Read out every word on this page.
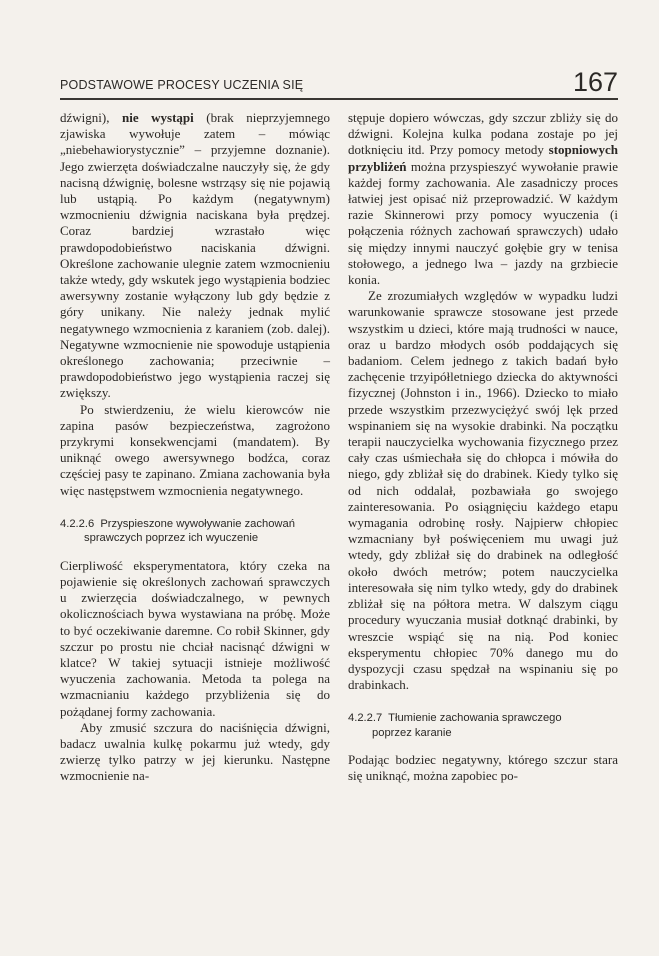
PODSTAWOWE PROCESY UCZENIA SIĘ	167

dźwigni), nie wystąpi (brak nieprzyjemnego zjawiska wywołuje zatem – mówiąc „niebehawiorystycznie” – przyjemne doznanie). Jego zwierzęta doświadczalne nauczyły się, że gdy nacisną dźwignię, bolesne wstrząsy się nie pojawią lub ustąpią. Po każdym (negatywnym) wzmocnieniu dźwignia naciskana była prędzej. Coraz bardziej wzrastało więc prawdopodobieństwo naciskania dźwigni. Określone zachowanie ulegnie zatem wzmocnieniu także wtedy, gdy wskutek jego wystąpienia bodziec awersywny zostanie wyłączony lub gdy będzie z góry unikany. Nie należy jednak mylić negatywnego wzmocnienia z karaniem (zob. dalej). Negatywne wzmocnienie nie spowoduje ustąpienia określonego zachowania; przeciwnie – prawdopodobieństwo jego wystąpienia raczej się zwiększy.

Po stwierdzeniu, że wielu kierowców nie zapina pasów bezpieczeństwa, zagrożono przykrymi konsekwencjami (mandatem). By uniknąć owego awersywnego bodźca, coraz częściej pasy te zapinano. Zmiana zachowania była więc następstwem wzmocnienia negatywnego.

4.2.2.6 Przyspieszone wywoływanie zachowań
sprawczych poprzez ich wyuczenie

Cierpliwość eksperymentatora, który czeka na pojawienie się określonych zachowań sprawczych u zwierzęcia doświadczalnego, w pewnych okolicznościach bywa wystawiana na próbę. Może to być oczekiwanie daremne. Co robił Skinner, gdy szczur po prostu nie chciał nacisnąć dźwigni w klatce? W takiej sytuacji istnieje możliwość wyuczenia zachowania. Metoda ta polega na wzmacnianiu każdego przybliżenia się do pożądanej formy zachowania.

Aby zmusić szczura do naciśnięcia dźwigni, badacz uwalnia kulkę pokarmu już wtedy, gdy zwierzę tylko patrzy w jej kierunku. Następne wzmocnienie na-

stępuje dopiero wówczas, gdy szczur zbliży się do dźwigni. Kolejna kulka podana zostaje po jej dotknięciu itd. Przy pomocy metody stopniowych przybliżeń można przyspieszyć wywołanie prawie każdej formy zachowania. Ale zasadniczy proces łatwiej jest opisać niż przeprowadzić. W każdym razie Skinnerowi przy pomocy wyuczenia (i połączenia różnych zachowań sprawczych) udało się między innymi nauczyć gołębie gry w tenisa stołowego, a jednego lwa – jazdy na grzbiecie konia.

Ze zrozumiałych względów w wypadku ludzi warunkowanie sprawcze stosowane jest przede wszystkim u dzieci, które mają trudności w nauce, oraz u bardzo młodych osób poddających się badaniom. Celem jednego z takich badań było zachęcenie trzyipółletniego dziecka do aktywności fizycznej (Johnston i in., 1966). Dziecko to miało przede wszystkim przezwyciężyć swój lęk przed wspinaniem się na wysokie drabinki. Na początku terapii nauczycielka wychowania fizycznego przez cały czas uśmiechała się do chłopca i mówiła do niego, gdy zbliżał się do drabinek. Kiedy tylko się od nich oddalał, pozbawiała go swojego zainteresowania. Po osiągnięciu każdego etapu wymagania odrobinę rosły. Najpierw chłopiec wzmacniany był poświęceniem mu uwagi już wtedy, gdy zbliżał się do drabinek na odległość około dwóch metrów; potem nauczycielka interesowała się nim tylko wtedy, gdy do drabinek zbliżał się na półtora metra. W dalszym ciągu procedury wyuczania musiał dotknąć drabinki, by wreszcie wspiąć się na nią. Pod koniec eksperymentu chłopiec 70% danego mu do dyspozycji czasu spędzał na wspinaniu się po drabinkach.

4.2.2.7 Tłumienie zachowania sprawczego
poprzez karanie

Podając bodziec negatywny, którego szczur stara się uniknąć, można zapobiec po-
